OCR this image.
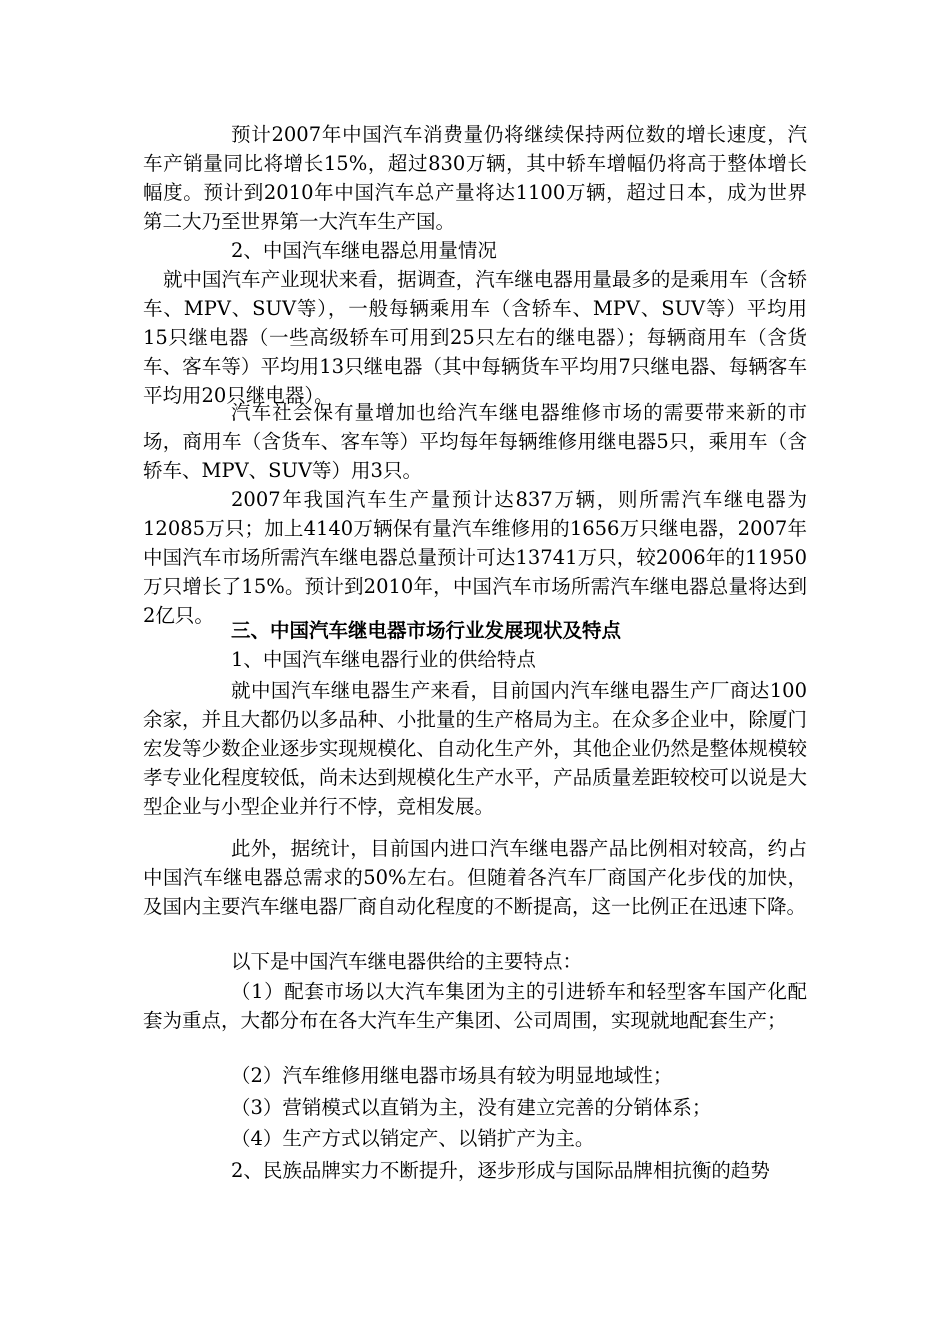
预计2007年中国汽车消费量仍将继续保持两位数的增长速度，汽车产销量同比将增长15%，超过830万辆，其中轿车增幅仍将高于整体增长幅度。预计到2010年中国汽车总产量将达1100万辆，超过日本，成为世界第二大乃至世界第一大汽车生产国。

2、中国汽车继电器总用量情况

就中国汽车产业现状来看，据调查，汽车继电器用量最多的是乘用车（含轿车、MPV、SUV等），一般每辆乘用车（含轿车、MPV、SUV等）平均用15只继电器（一些高级轿车可用到25只左右的继电器）；每辆商用车（含货车、客车等）平均用13只继电器（其中每辆货车平均用7只继电器、每辆客车平均用20只继电器）。

汽车社会保有量增加也给汽车继电器维修市场的需要带来新的市场，商用车（含货车、客车等）平均每年每辆维修用继电器5只，乘用车（含轿车、MPV、SUV等）用3只。

2007年我国汽车生产量预计达837万辆，则所需汽车继电器为12085万只；加上4140万辆保有量汽车维修用的1656万只继电器，2007年中国汽车市场所需汽车继电器总量预计可达13741万只，较2006年的11950万只增长了15%。预计到2010年，中国汽车市场所需汽车继电器总量将达到2亿只。

三、中国汽车继电器市场行业发展现状及特点

1、中国汽车继电器行业的供给特点

就中国汽车继电器生产来看，目前国内汽车继电器生产厂商达100余家，并且大都仍以多品种、小批量的生产格局为主。在众多企业中，除厦门宏发等少数企业逐步实现规模化、自动化生产外，其他企业仍然是整体规模较孝专业化程度较低，尚未达到规模化生产水平，产品质量差距较校可以说是大型企业与小型企业并行不悖，竞相发展。

此外，据统计，目前国内进口汽车继电器产品比例相对较高，约占中国汽车继电器总需求的50%左右。但随着各汽车厂商国产化步伐的加快，及国内主要汽车继电器厂商自动化程度的不断提高，这一比例正在迅速下降。

以下是中国汽车继电器供给的主要特点：

（1）配套市场以大汽车集团为主的引进轿车和轻型客车国产化配套为重点，大都分布在各大汽车生产集团、公司周围，实现就地配套生产；

（2）汽车维修用继电器市场具有较为明显地域性；

（3）营销模式以直销为主，没有建立完善的分销体系；

（4）生产方式以销定产、以销扩产为主。

2、民族品牌实力不断提升，逐步形成与国际品牌相抗衡的趋势
